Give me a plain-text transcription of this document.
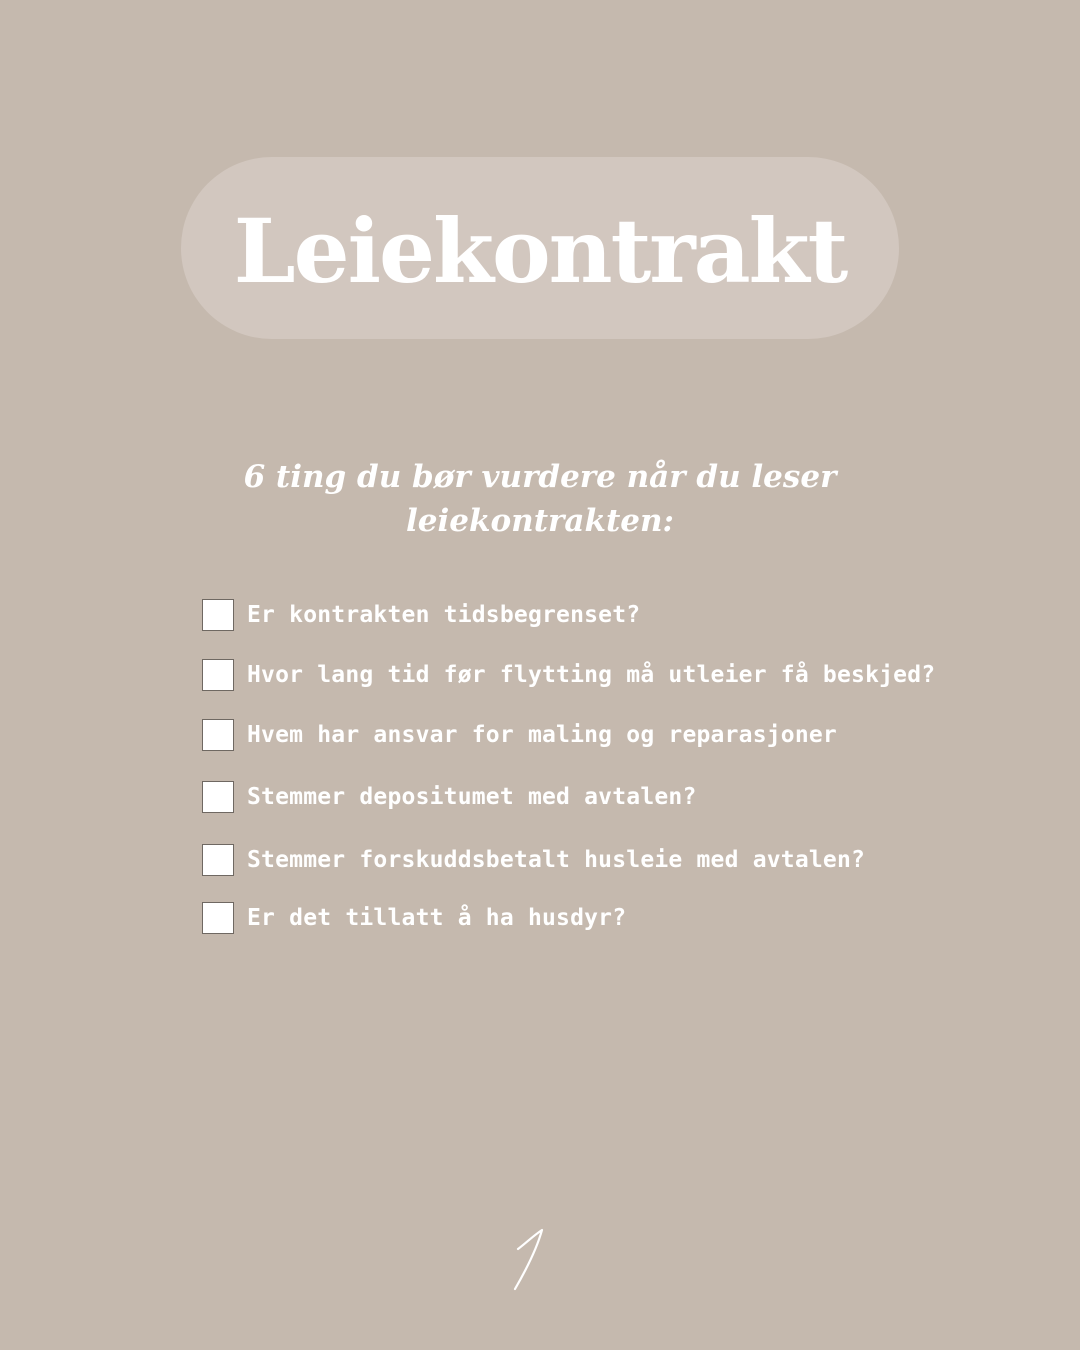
Leiekontrakt
6 ting du bør vurdere når du leser
leiekontrakten:
Er kontrakten tidsbegrenset?
Hvor lang tid før flytting må utleier få beskjed?
Hvem har ansvar for maling og reparasjoner
Stemmer depositumet med avtalen?
Stemmer forskuddsbetalt husleie med avtalen?
Er det tillatt å ha husdyr?
